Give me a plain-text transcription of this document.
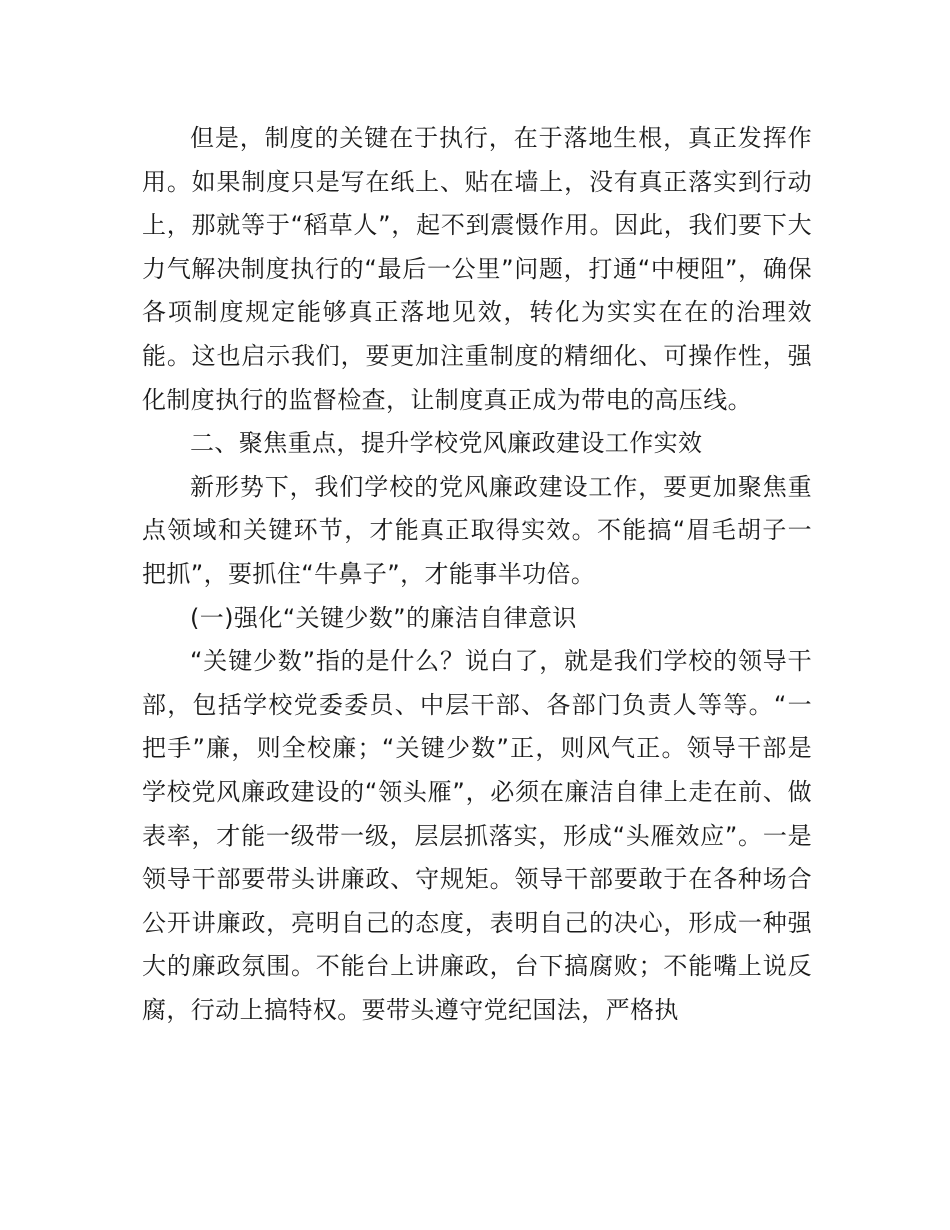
但是，制度的关键在于执行，在于落地生根，真正发挥作用。如果制度只是写在纸上、贴在墙上，没有真正落实到行动上，那就等于“稻草人”，起不到震慑作用。因此，我们要下大力气解决制度执行的“最后一公里”问题，打通“中梗阻”，确保各项制度规定能够真正落地见效，转化为实实在在的治理效能。这也启示我们，要更加注重制度的精细化、可操作性，强化制度执行的监督检查，让制度真正成为带电的高压线。

二、聚焦重点，提升学校党风廉政建设工作实效

新形势下，我们学校的党风廉政建设工作，要更加聚焦重点领域和关键环节，才能真正取得实效。不能搞“眉毛胡子一把抓”，要抓住“牛鼻子”，才能事半功倍。

(一)强化“关键少数”的廉洁自律意识

“关键少数”指的是什么？说白了，就是我们学校的领导干部，包括学校党委委员、中层干部、各部门负责人等等。“一把手”廉，则全校廉；“关键少数”正，则风气正。领导干部是学校党风廉政建设的“领头雁”，必须在廉洁自律上走在前、做表率，才能一级带一级，层层抓落实，形成“头雁效应”。一是领导干部要带头讲廉政、守规矩。领导干部要敢于在各种场合公开讲廉政，亮明自己的态度，表明自己的决心，形成一种强大的廉政氛围。不能台上讲廉政，台下搞腐败；不能嘴上说反腐，行动上搞特权。要带头遵守党纪国法，严格执
